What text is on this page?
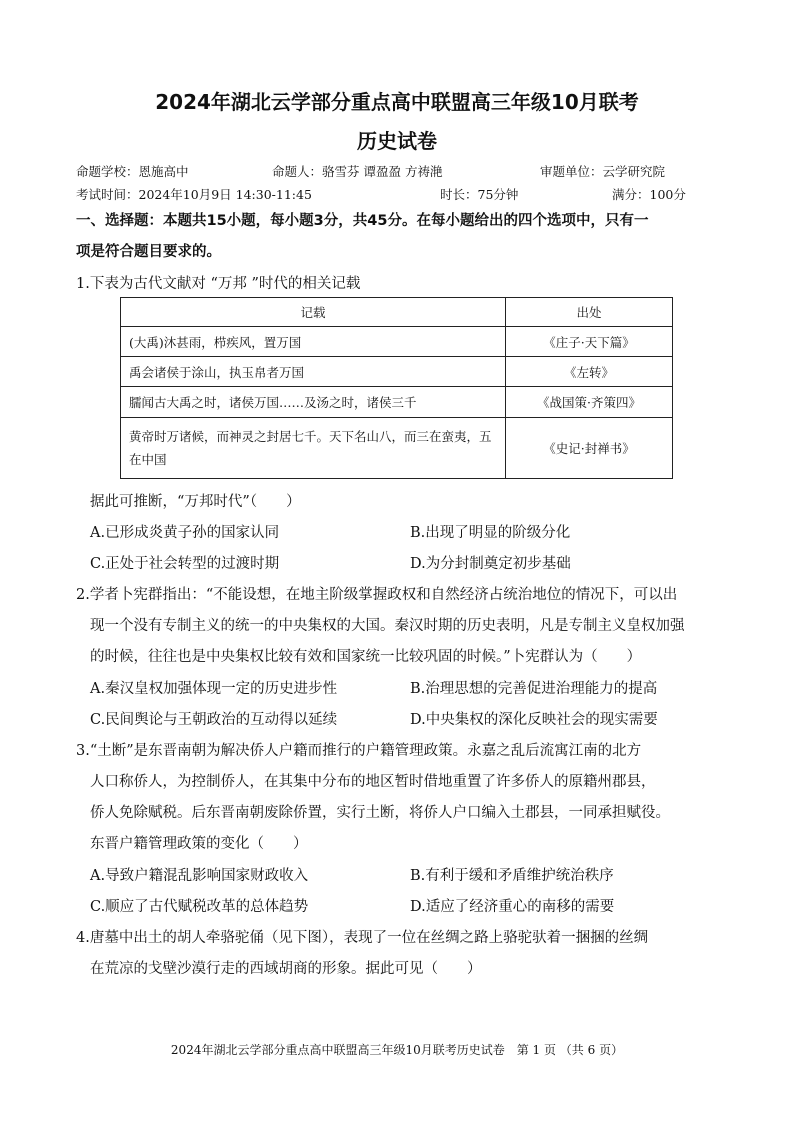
2024年湖北云学部分重点高中联盟高三年级10月联考
历史试卷
命题学校：恩施高中	命题人：骆雪芬 谭盈盈 方祷滟	审题单位：云学研究院
考试时间：2024年10月9日 14:30-11:45	时长：75分钟	满分：100分
一、选择题：本题共15小题，每小题3分，共45分。在每小题给出的四个选项中，只有一
项是符合题目要求的。
1.下表为古代文献对 “万邦 ”时代的相关记载
记载	出处
(大禹)沐甚雨，栉疾风，置万国	《庄子·天下篇》
禹会诸侯于涂山，执玉帛者万国	《左转》
臑闻古大禹之时，诸侯万国……及汤之时，诸侯三千	《战国策·齐策四》
黄帝时万诸候，而神灵之封居七千。天下名山八，而三在蛮夷，五在中国	《史记·封禅书》
据此可推断，“万邦时代”（　　）
A.已形成炎黄子孙的国家认同	B.出现了明显的阶级分化
C.正处于社会转型的过渡时期	D.为分封制奠定初步基础
2.学者卜宪群指出：“不能设想，在地主阶级掌握政权和自然经济占统治地位的情况下，可以出
现一个没有专制主义的统一的中央集权的大国。秦汉时期的历史表明，凡是专制主义皇权加强
的时候，往往也是中央集权比较有效和国家统一比较巩固的时候。”卜宪群认为（　　）
A.秦汉皇权加强体现一定的历史进步性	B.治理思想的完善促进治理能力的提高
C.民间舆论与王朝政治的互动得以延续	D.中央集权的深化反映社会的现实需要
3.“土断”是东晋南朝为解决侨人户籍而推行的户籍管理政策。永嘉之乱后流寓江南的北方
人口称侨人，为控制侨人，在其集中分布的地区暂时借地重置了许多侨人的原籍州郡县，
侨人免除赋税。后东晋南朝废除侨置，实行土断，将侨人户口编入土郡县，一同承担赋役。
东晋户籍管理政策的变化（　　）
A.导致户籍混乱影响国家财政收入	B.有利于缓和矛盾维护统治秩序
C.顺应了古代赋税改革的总体趋势	D.适应了经济重心的南移的需要
4.唐墓中出土的胡人牵骆驼俑（见下图），表现了一位在丝绸之路上骆驼驮着一捆捆的丝绸
在荒凉的戈壁沙漠行走的西域胡商的形象。据此可见（　　）
2024年湖北云学部分重点高中联盟高三年级10月联考历史试卷　第 1 页 （共 6 页）
